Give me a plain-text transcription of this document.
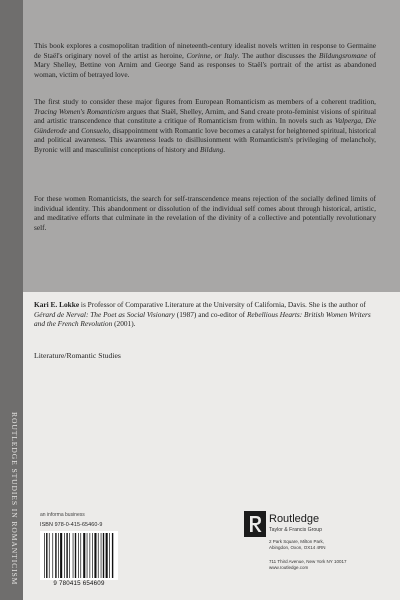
ROUTLEDGE STUDIES IN ROMANTICISM

This book explores a cosmopolitan tradition of nineteenth-century idealist novels written in response to Germaine de Staël's originary novel of the artist as heroine, Corinne, or Italy. The author discusses the Bildungsromane of Mary Shelley, Bettine von Arnim and George Sand as responses to Staël's portrait of the artist as abandoned woman, victim of betrayed love.

The first study to consider these major figures from European Romanticism as members of a coherent tradition, Tracing Women's Romanticism argues that Staël, Shelley, Arnim, and Sand create proto-feminist visions of spiritual and artistic transcendence that constitute a critique of Romanticism from within. In novels such as Valperga, Die Günderode and Consuelo, disappointment with Romantic love becomes a catalyst for heightened spiritual, historical and political awareness. This awareness leads to disillusionment with Romanticism's privileging of melancholy, Byronic will and masculinist conceptions of history and Bildung.

For these women Romanticists, the search for self-transcendence means rejection of the socially defined limits of individual identity. This abandonment or dissolution of the individual self comes about through historical, artistic, and meditative efforts that culminate in the revelation of the divinity of a collective and potentially revolutionary self.

Kari E. Lokke is Professor of Comparative Literature at the University of California, Davis. She is the author of Gérard de Nerval: The Poet as Social Visionary (1987) and co-editor of Rebellious Hearts: British Women Writers and the French Revolution (2001).

Literature/Romantic Studies

an informa business
ISBN 978-0-415-65460-9
9 780415 654609
Routledge
Taylor & Francis Group
2 Park Square, Milton Park,
Abingdon, Oxon, OX14 4RN
711 Third Avenue, New York NY 10017
www.routledge.com
